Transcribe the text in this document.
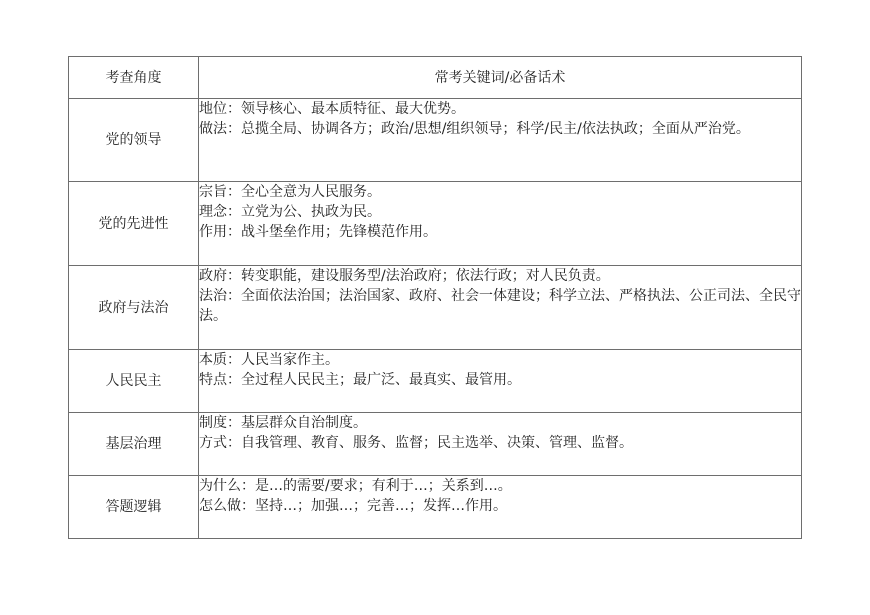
考查角度	常考关键词/必备话术
党的领导	地位：领导核心、最本质特征、最大优势。
做法：总揽全局、协调各方；政治/思想/组织领导；科学/民主/依法执政；全面从严治党。

党的先进性	宗旨：全心全意为人民服务。
理念：立党为公、执政为民。
作用：战斗堡垒作用；先锋模范作用。

政府与法治	政府：转变职能，建设服务型/法治政府；依法行政；对人民负责。
法治：全面依法治国；法治国家、政府、社会一体建设；科学立法、严格执法、公正司法、全民守法。

人民民主	本质：人民当家作主。
特点：全过程人民民主；最广泛、最真实、最管用。

基层治理	制度：基层群众自治制度。
方式：自我管理、教育、服务、监督；民主选举、决策、管理、监督。

答题逻辑	为什么：是…的需要/要求；有利于…；关系到…。
怎么做：坚持…；加强…；完善…；发挥…作用。
